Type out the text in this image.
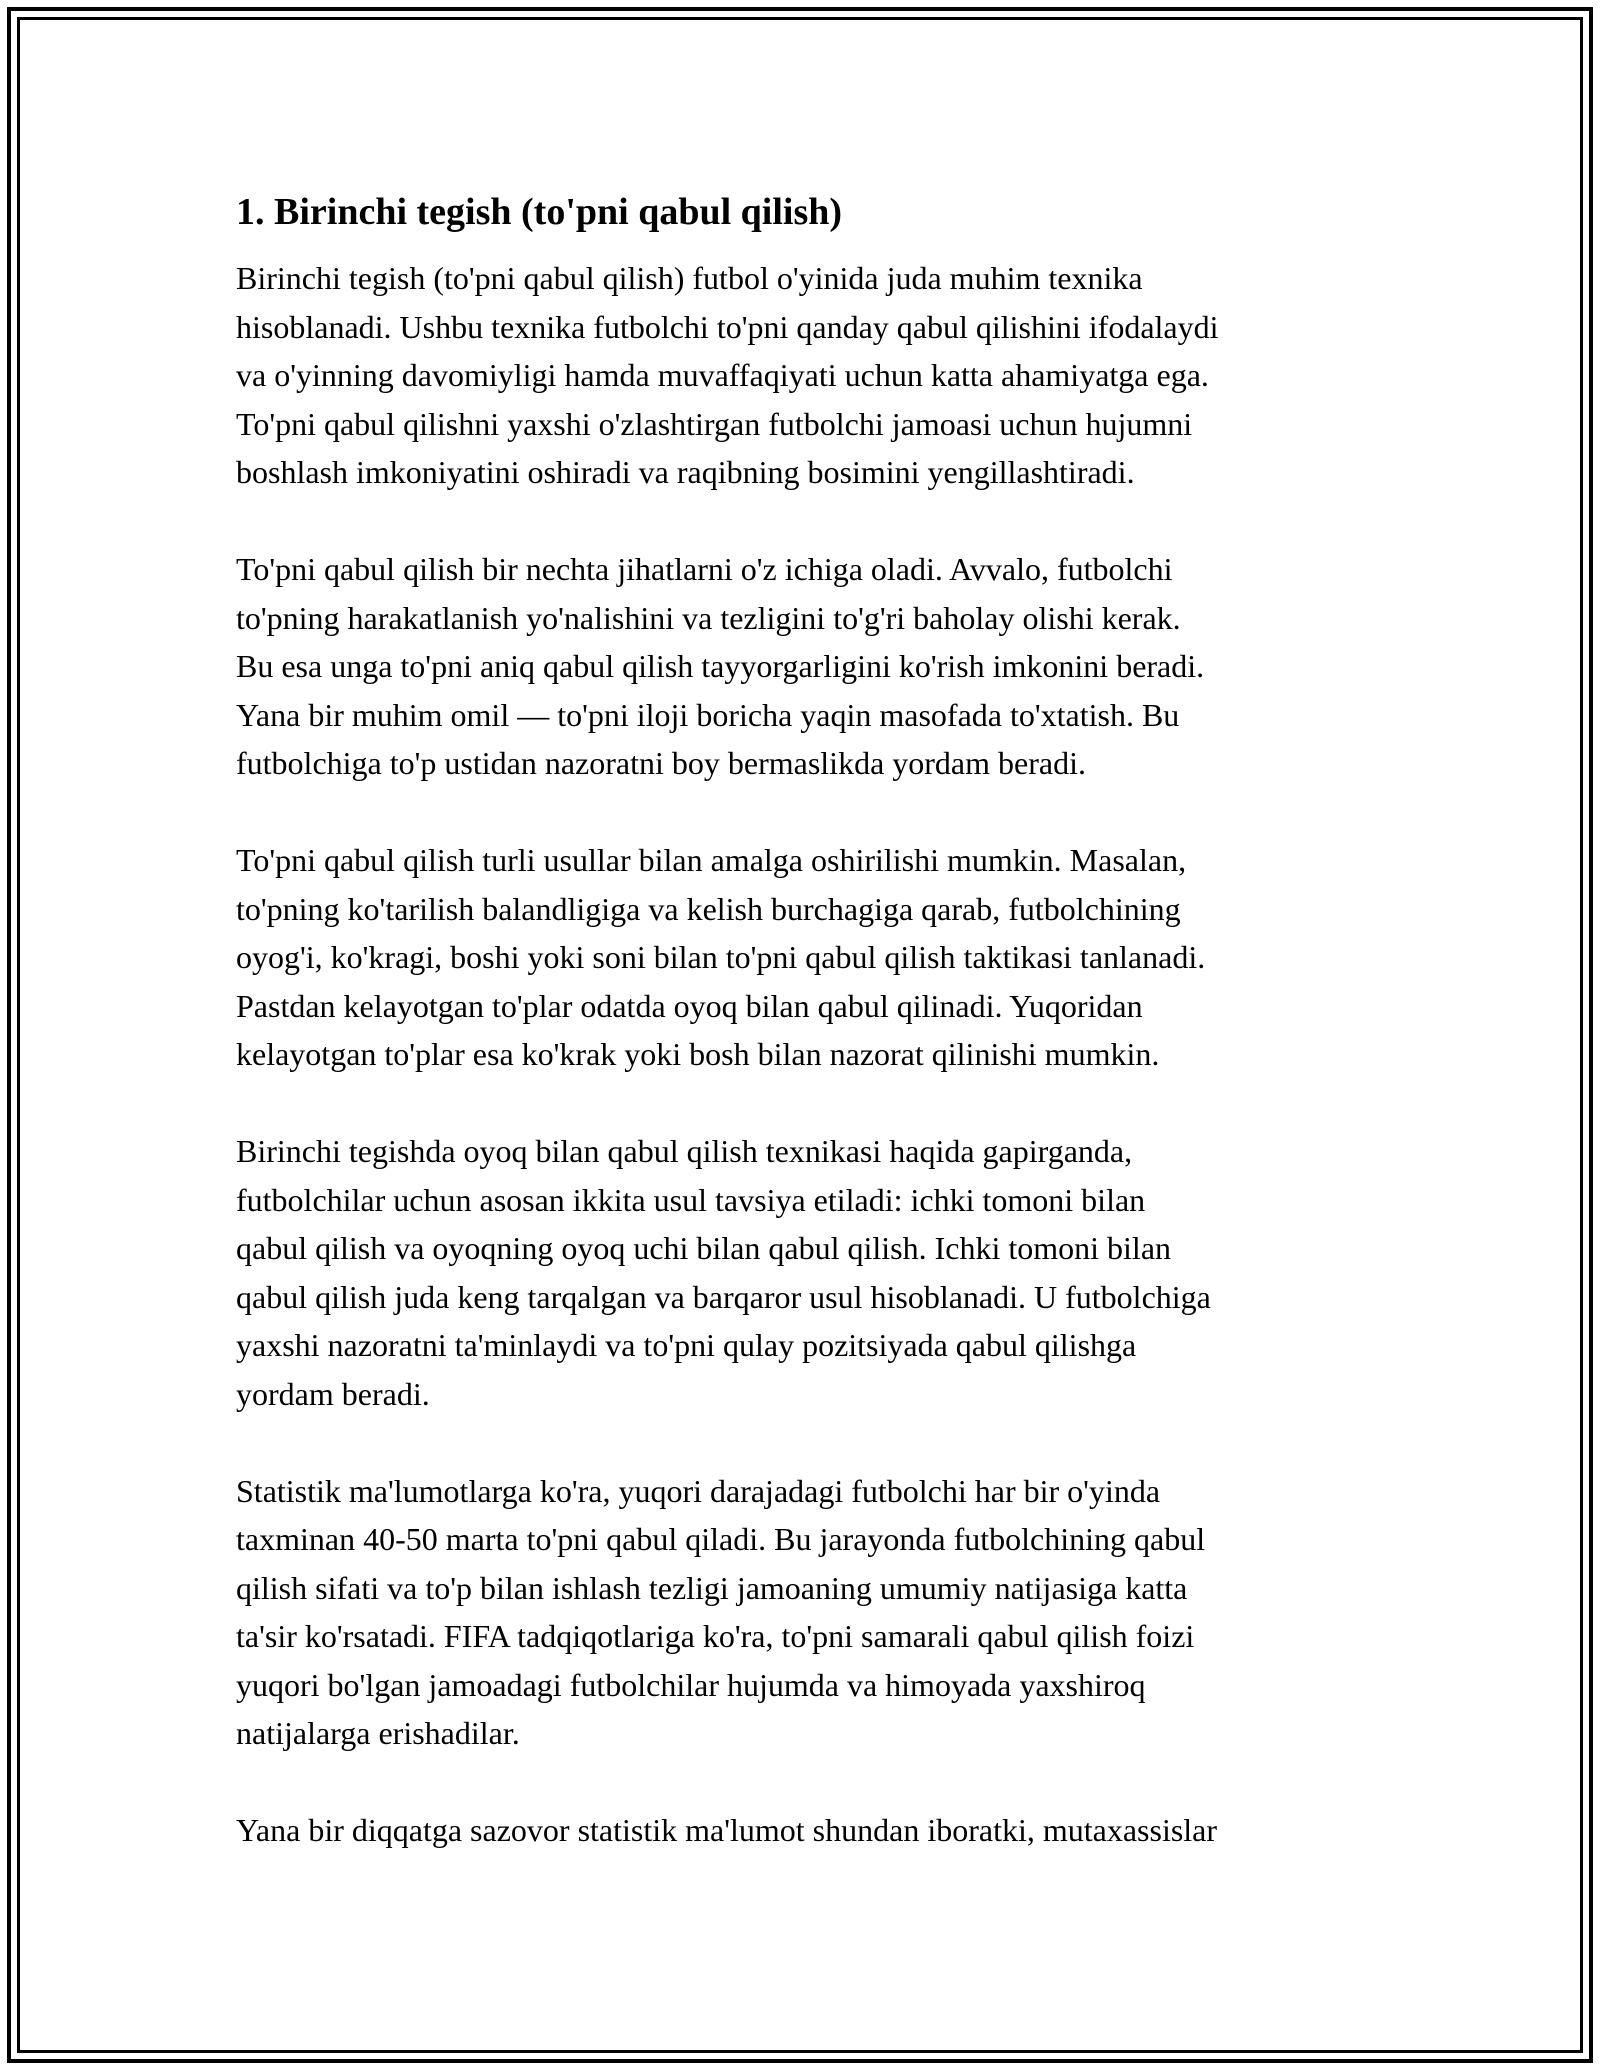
1. Birinchi tegish (to'pni qabul qilish)
Birinchi tegish (to'pni qabul qilish) futbol o'yinida juda muhim texnika
hisoblanadi. Ushbu texnika futbolchi to'pni qanday qabul qilishini ifodalaydi
va o'yinning davomiyligi hamda muvaffaqiyati uchun katta ahamiyatga ega.
To'pni qabul qilishni yaxshi o'zlashtirgan futbolchi jamoasi uchun hujumni
boshlash imkoniyatini oshiradi va raqibning bosimini yengillashtiradi.
To'pni qabul qilish bir nechta jihatlarni o'z ichiga oladi. Avvalo, futbolchi
to'pning harakatlanish yo'nalishini va tezligini to'g'ri baholay olishi kerak.
Bu esa unga to'pni aniq qabul qilish tayyorgarligini ko'rish imkonini beradi.
Yana bir muhim omil — to'pni iloji boricha yaqin masofada to'xtatish. Bu
futbolchiga to'p ustidan nazoratni boy bermaslikda yordam beradi.
To'pni qabul qilish turli usullar bilan amalga oshirilishi mumkin. Masalan,
to'pning ko'tarilish balandligiga va kelish burchagiga qarab, futbolchining
oyog'i, ko'kragi, boshi yoki soni bilan to'pni qabul qilish taktikasi tanlanadi.
Pastdan kelayotgan to'plar odatda oyoq bilan qabul qilinadi. Yuqoridan
kelayotgan to'plar esa ko'krak yoki bosh bilan nazorat qilinishi mumkin.
Birinchi tegishda oyoq bilan qabul qilish texnikasi haqida gapirganda,
futbolchilar uchun asosan ikkita usul tavsiya etiladi: ichki tomoni bilan
qabul qilish va oyoqning oyoq uchi bilan qabul qilish. Ichki tomoni bilan
qabul qilish juda keng tarqalgan va barqaror usul hisoblanadi. U futbolchiga
yaxshi nazoratni ta'minlaydi va to'pni qulay pozitsiyada qabul qilishga
yordam beradi.
Statistik ma'lumotlarga ko'ra, yuqori darajadagi futbolchi har bir o'yinda
taxminan 40-50 marta to'pni qabul qiladi. Bu jarayonda futbolchining qabul
qilish sifati va to'p bilan ishlash tezligi jamoaning umumiy natijasiga katta
ta'sir ko'rsatadi. FIFA tadqiqotlariga ko'ra, to'pni samarali qabul qilish foizi
yuqori bo'lgan jamoadagi futbolchilar hujumda va himoyada yaxshiroq
natijalarga erishadilar.
Yana bir diqqatga sazovor statistik ma'lumot shundan iboratki, mutaxassislar
